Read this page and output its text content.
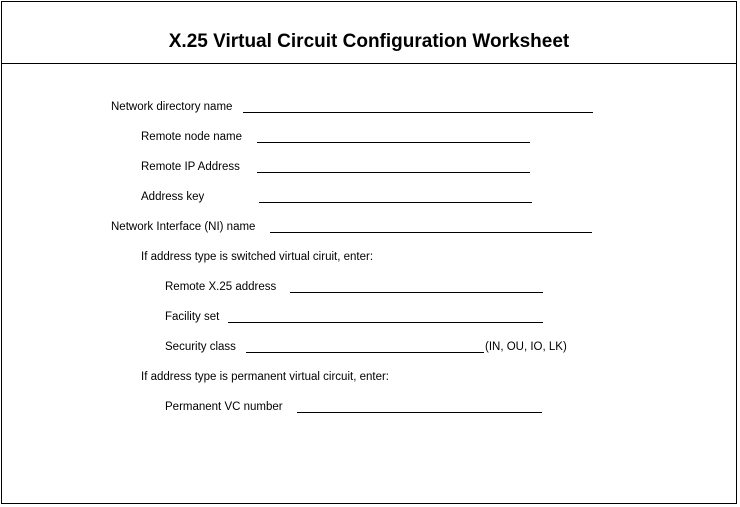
X.25 Virtual Circuit Configuration Worksheet
Network directory name
Remote node name
Remote IP Address
Address key
Network Interface (NI) name
If address type is switched virtual ciruit, enter:
Remote X.25 address
Facility set
Security class	(IN, OU, IO, LK)
If address type is permanent virtual circuit, enter:
Permanent VC number
